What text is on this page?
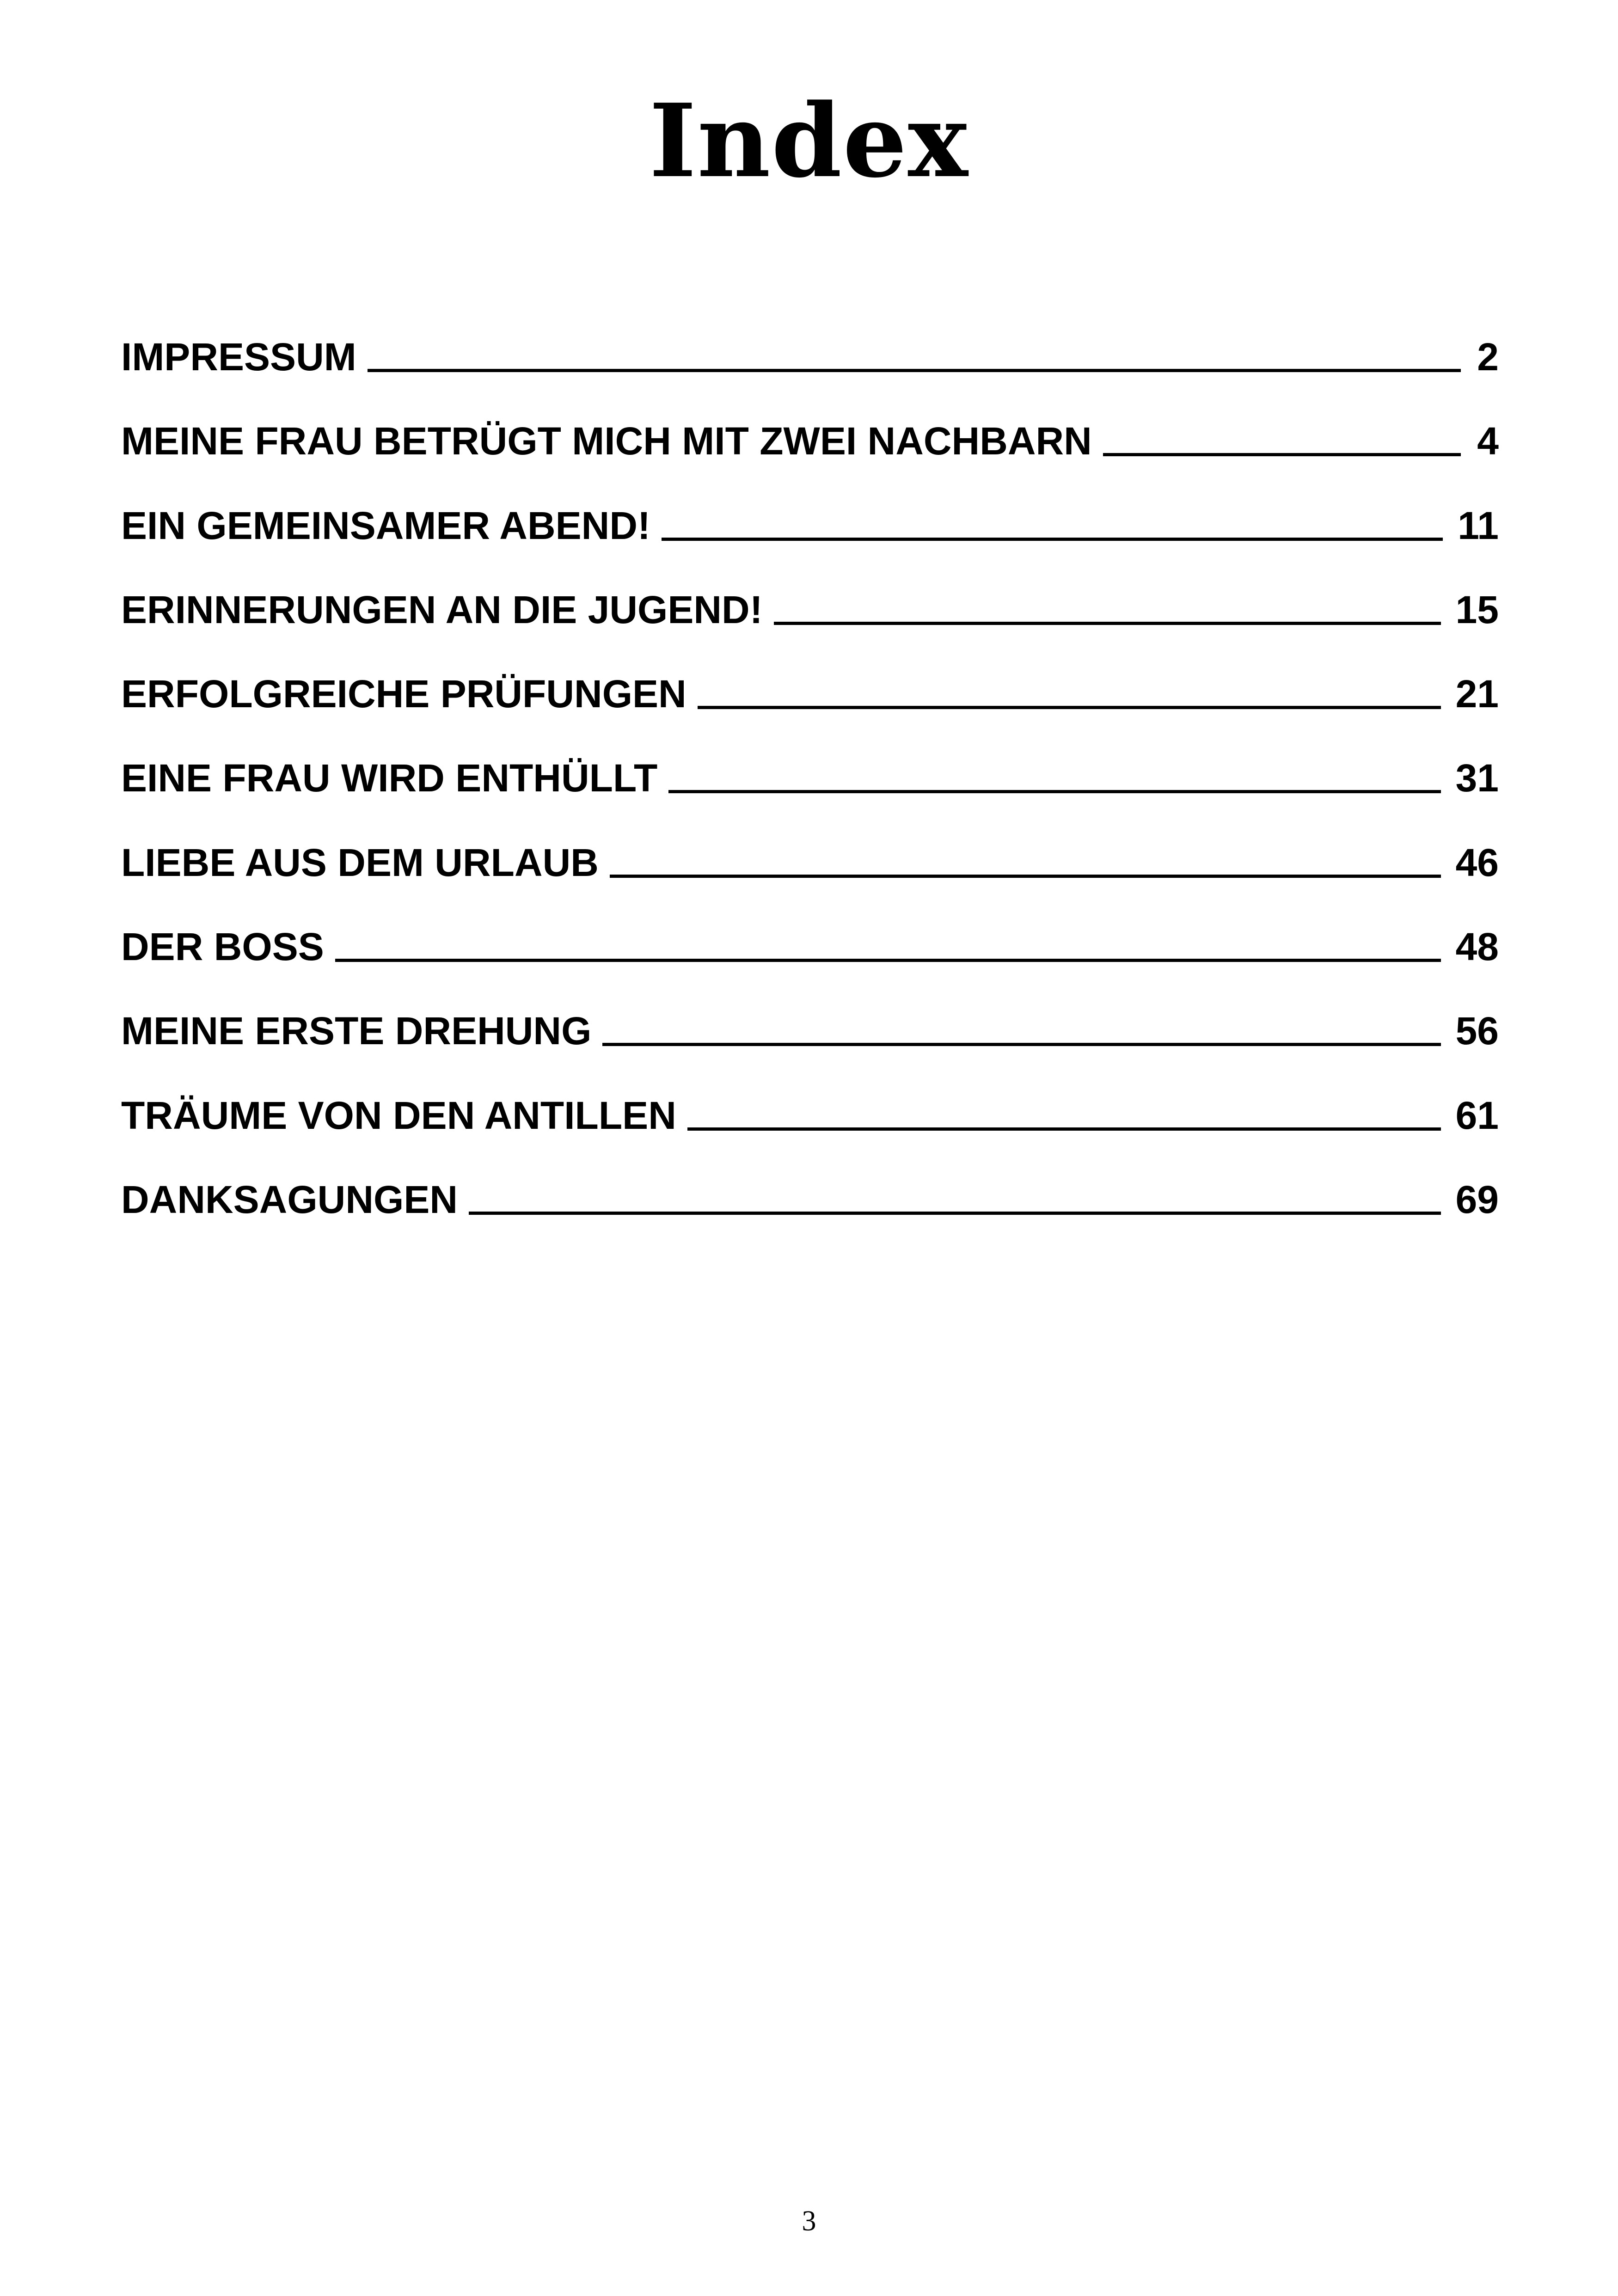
Index
IMPRESSUM	2
MEINE FRAU BETRÜGT MICH MIT ZWEI NACHBARN	4
EIN GEMEINSAMER ABEND!	11
ERINNERUNGEN AN DIE JUGEND!	15
ERFOLGREICHE PRÜFUNGEN	21
EINE FRAU WIRD ENTHÜLLT	31
LIEBE AUS DEM URLAUB	46
DER BOSS	48
MEINE ERSTE DREHUNG	56
TRÄUME VON DEN ANTILLEN	61
DANKSAGUNGEN	69
3
